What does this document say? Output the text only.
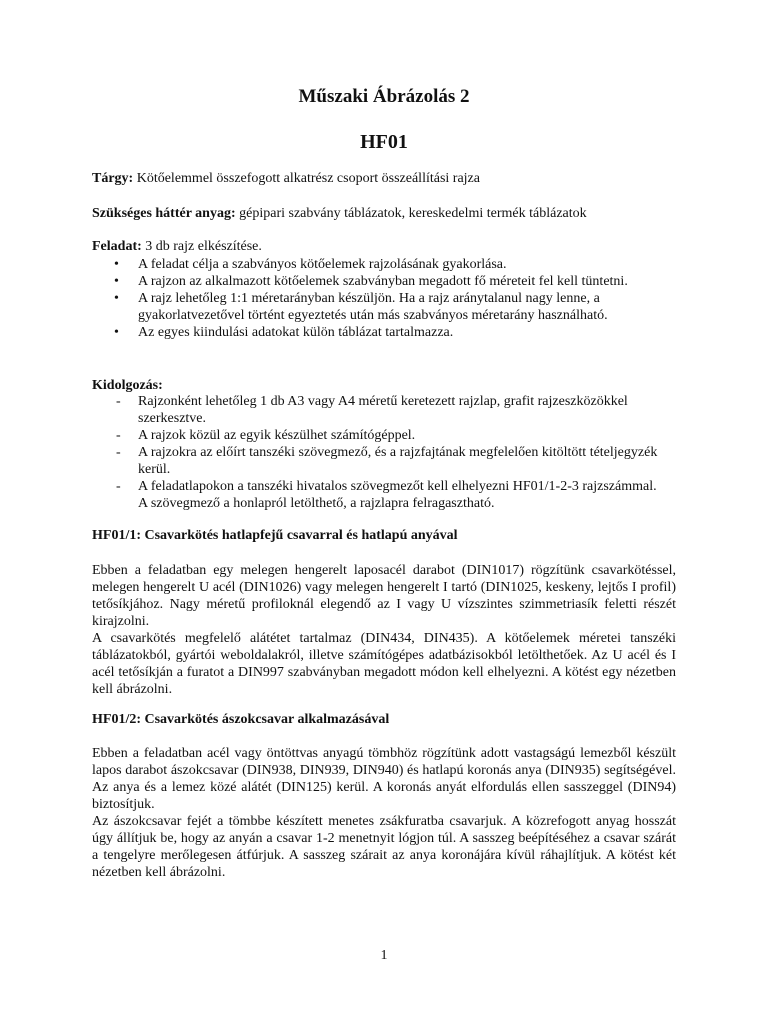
Műszaki Ábrázolás 2
HF01
Tárgy: Kötőelemmel összefogott alkatrész csoport összeállítási rajza
Szükséges háttér anyag: gépipari szabvány táblázatok, kereskedelmi termék táblázatok
Feladat: 3 db rajz elkészítése.
• A feladat célja a szabványos kötőelemek rajzolásának gyakorlása.
• A rajzon az alkalmazott kötőelemek szabványban megadott fő méreteit fel kell tüntetni.
• A rajz lehetőleg 1:1 méretarányban készüljön. Ha a rajz aránytalanul nagy lenne, a gyakorlatvezetővel történt egyeztetés után más szabványos méretarány használható.
• Az egyes kiindulási adatokat külön táblázat tartalmazza.
Kidolgozás:
- Rajzonként lehetőleg 1 db A3 vagy A4 méretű keretezett rajzlap, grafit rajzeszközökkel szerkesztve.
- A rajzok közül az egyik készülhet számítógéppel.
- A rajzokra az előírt tanszéki szövegmező, és a rajzfajtának megfelelően kitöltött tételjegyzék kerül.
- A feladatlapokon a tanszéki hivatalos szövegmezőt kell elhelyezni HF01/1-2-3 rajzszámmal. A szövegmező a honlapról letölthető, a rajzlapra felragasztható.
HF01/1: Csavarkötés hatlapfejű csavarral és hatlapú anyával

Ebben a feladatban egy melegen hengerelt laposacél darabot (DIN1017) rögzítünk csavarkötéssel, melegen hengerelt U acél (DIN1026) vagy melegen hengerelt I tartó (DIN1025, keskeny, lejtős I profil) tetősíkjához. Nagy méretű profiloknál elegendő az I vagy U vízszintes szimmetriasík feletti részét kirajzolni.

A csavarkötés megfelelő alátétet tartalmaz (DIN434, DIN435). A kötőelemek méretei tanszéki táblázatokból, gyártói weboldalakról, illetve számítógépes adatbázisokból letölthetőek. Az U acél és I acél tetősíkján a furatot a DIN997 szabványban megadott módon kell elhelyezni. A kötést egy nézetben kell ábrázolni.

HF01/2: Csavarkötés ászokcsavar alkalmazásával

Ebben a feladatban acél vagy öntöttvas anyagú tömbhöz rögzítünk adott vastagságú lemezből készült lapos darabot ászokcsavar (DIN938, DIN939, DIN940) és hatlapú koronás anya (DIN935) segítségével. Az anya és a lemez közé alátét (DIN125) kerül. A koronás anyát elfordulás ellen sasszeggel (DIN94) biztosítjuk.

Az ászokcsavar fejét a tömbbe készített menetes zsákfuratba csavarjuk. A közrefogott anyag hosszát úgy állítjuk be, hogy az anyán a csavar 1-2 menetnyit lógjon túl. A sasszeg beépítéséhez a csavar szárát a tengelyre merőlegesen átfúrjuk. A sasszeg szárait az anya koronájára kívül ráhajlítjuk. A kötést két nézetben kell ábrázolni.

1
